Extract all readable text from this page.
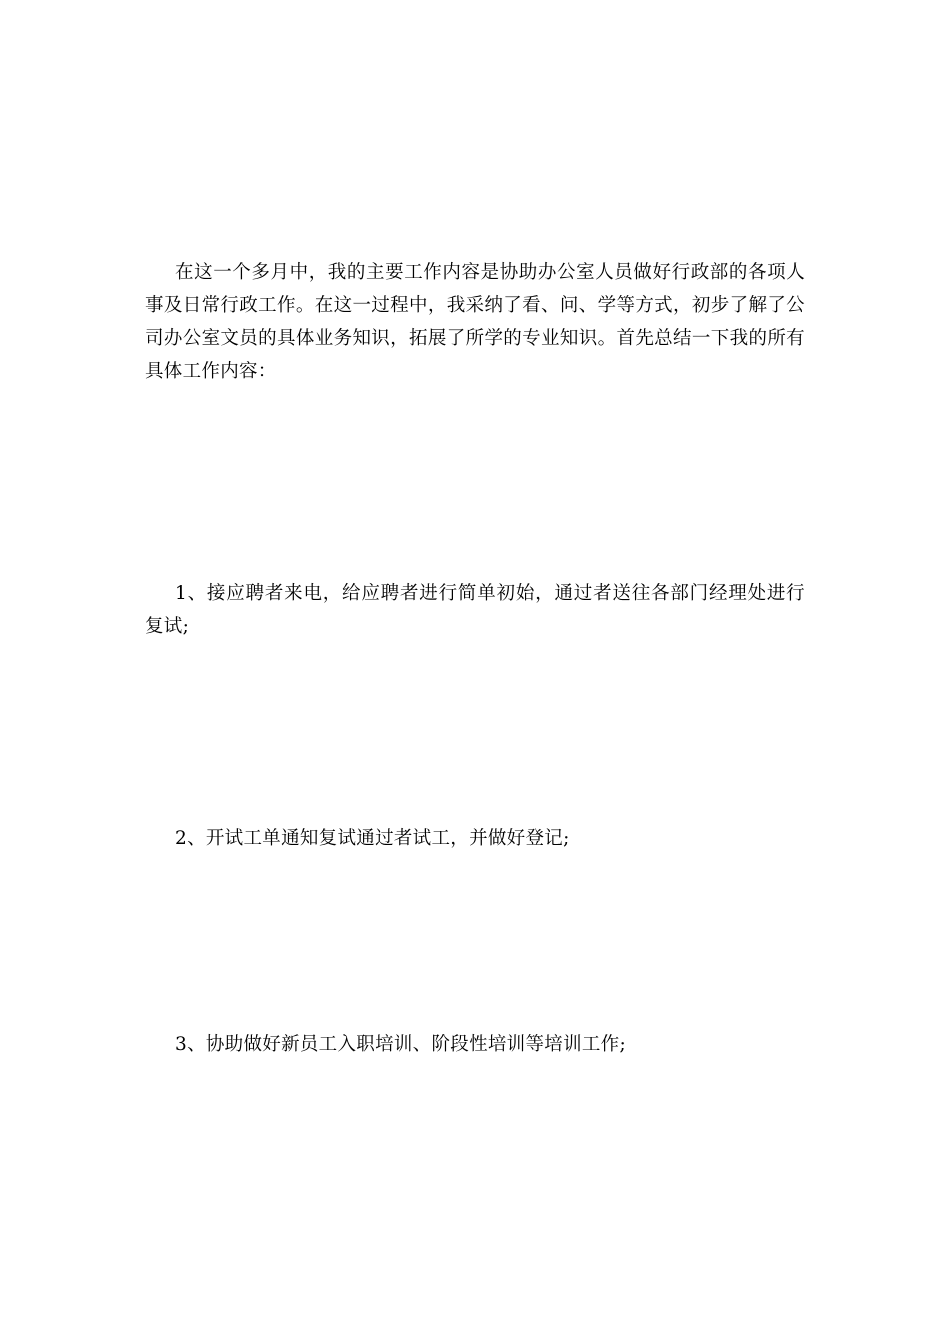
在这一个多月中，我的主要工作内容是协助办公室人员做好行政部的各项人事及日常行政工作。在这一过程中，我采纳了看、问、学等方式，初步了解了公司办公室文员的具体业务知识，拓展了所学的专业知识。首先总结一下我的所有具体工作内容：

1、接应聘者来电，给应聘者进行简单初始，通过者送往各部门经理处进行复试;

2、开试工单通知复试通过者试工，并做好登记;

3、协助做好新员工入职培训、阶段性培训等培训工作;
